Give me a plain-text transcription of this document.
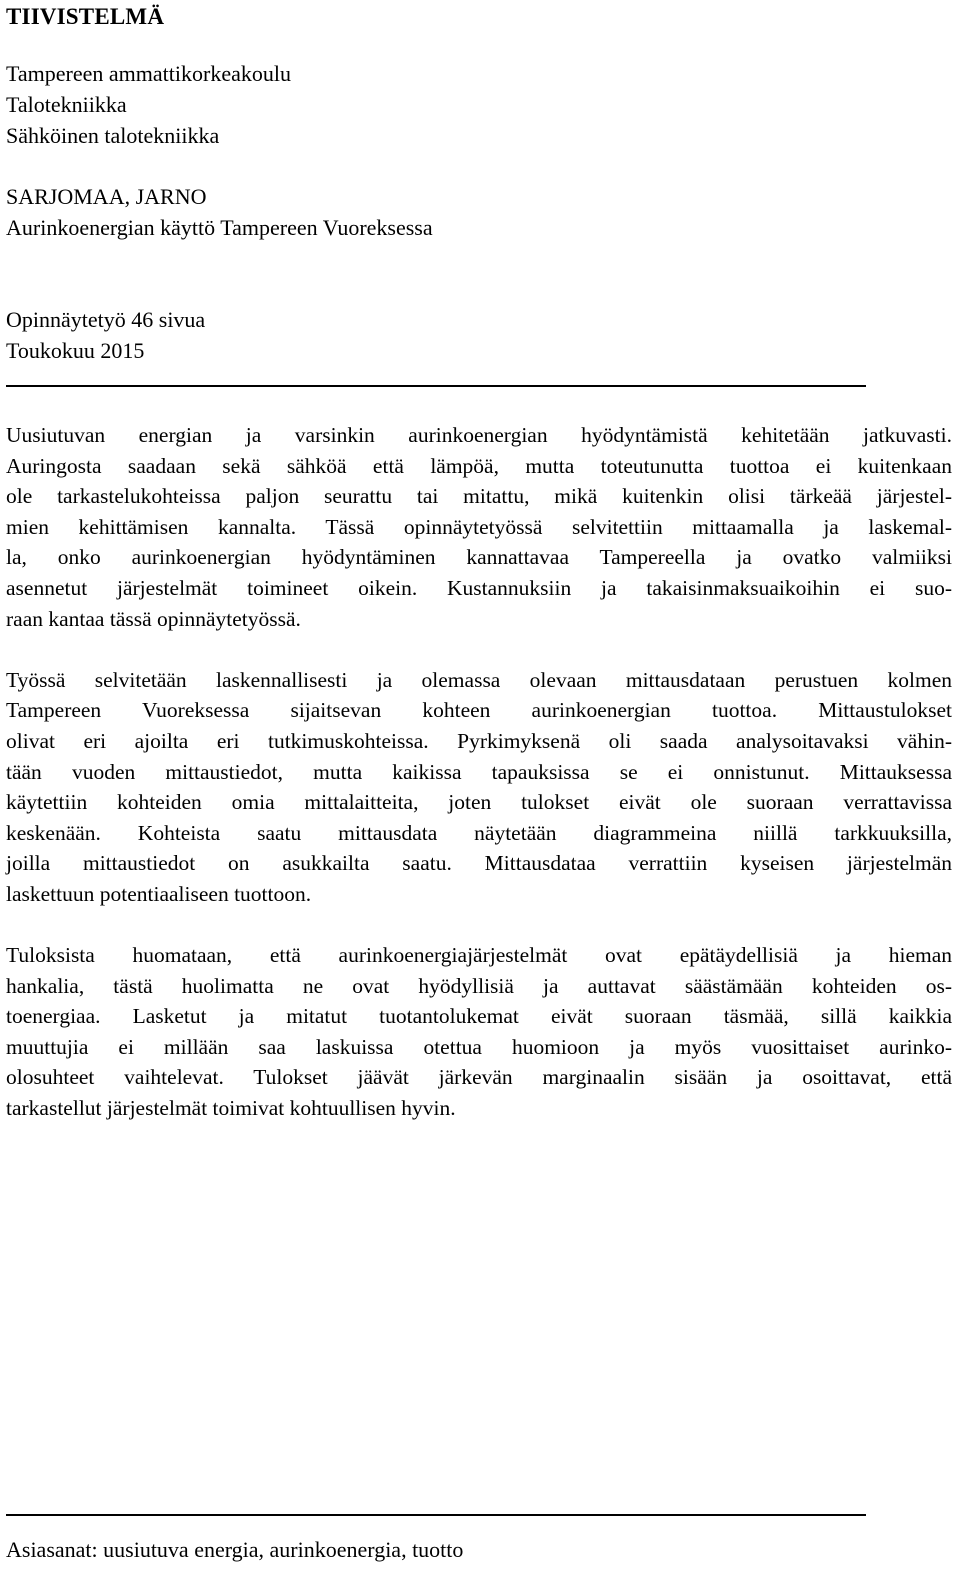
TIIVISTELMÄ
Tampereen ammattikorkeakoulu
Talotekniikka
Sähköinen talotekniikka
SARJOMAA, JARNO
Aurinkoenergian käyttö Tampereen Vuoreksessa
Opinnäytetyö 46 sivua
Toukokuu 2015

Uusiutuvan energian ja varsinkin aurinkoenergian hyödyntämistä kehitetään jatkuvasti.
Auringosta saadaan sekä sähköä että lämpöä, mutta toteutunutta tuottoa ei kuitenkaan
ole tarkastelukohteissa paljon seurattu tai mitattu, mikä kuitenkin olisi tärkeää järjestel-
mien kehittämisen kannalta. Tässä opinnäytetyössä selvitettiin mittaamalla ja laskemal-
la, onko aurinkoenergian hyödyntäminen kannattavaa Tampereella ja ovatko valmiiksi
asennetut järjestelmät toimineet oikein. Kustannuksiin ja takaisinmaksuaikoihin ei suo-
raan kantaa tässä opinnäytetyössä.

Työssä selvitetään laskennallisesti ja olemassa olevaan mittausdataan perustuen kolmen
Tampereen Vuoreksessa sijaitsevan kohteen aurinkoenergian tuottoa. Mittaustulokset
olivat eri ajoilta eri tutkimuskohteissa. Pyrkimyksenä oli saada analysoitavaksi vähin-
tään vuoden mittaustiedot, mutta kaikissa tapauksissa se ei onnistunut. Mittauksessa
käytettiin kohteiden omia mittalaitteita, joten tulokset eivät ole suoraan verrattavissa
keskenään. Kohteista saatu mittausdata näytetään diagrammeina niillä tarkkuuksilla,
joilla mittaustiedot on asukkailta saatu. Mittausdataa verrattiin kyseisen järjestelmän
laskettuun potentiaaliseen tuottoon.

Tuloksista huomataan, että aurinkoenergiajärjestelmät ovat epätäydellisiä ja hieman
hankalia, tästä huolimatta ne ovat hyödyllisiä ja auttavat säästämään kohteiden os-
toenergiaa. Lasketut ja mitatut tuotantolukemat eivät suoraan täsmää, sillä kaikkia
muuttujia ei millään saa laskuissa otettua huomioon ja myös vuosittaiset aurinko-
olosuhteet vaihtelevat. Tulokset jäävät järkevän marginaalin sisään ja osoittavat, että
tarkastellut järjestelmät toimivat kohtuullisen hyvin.

Asiasanat: uusiutuva energia, aurinkoenergia, tuotto
